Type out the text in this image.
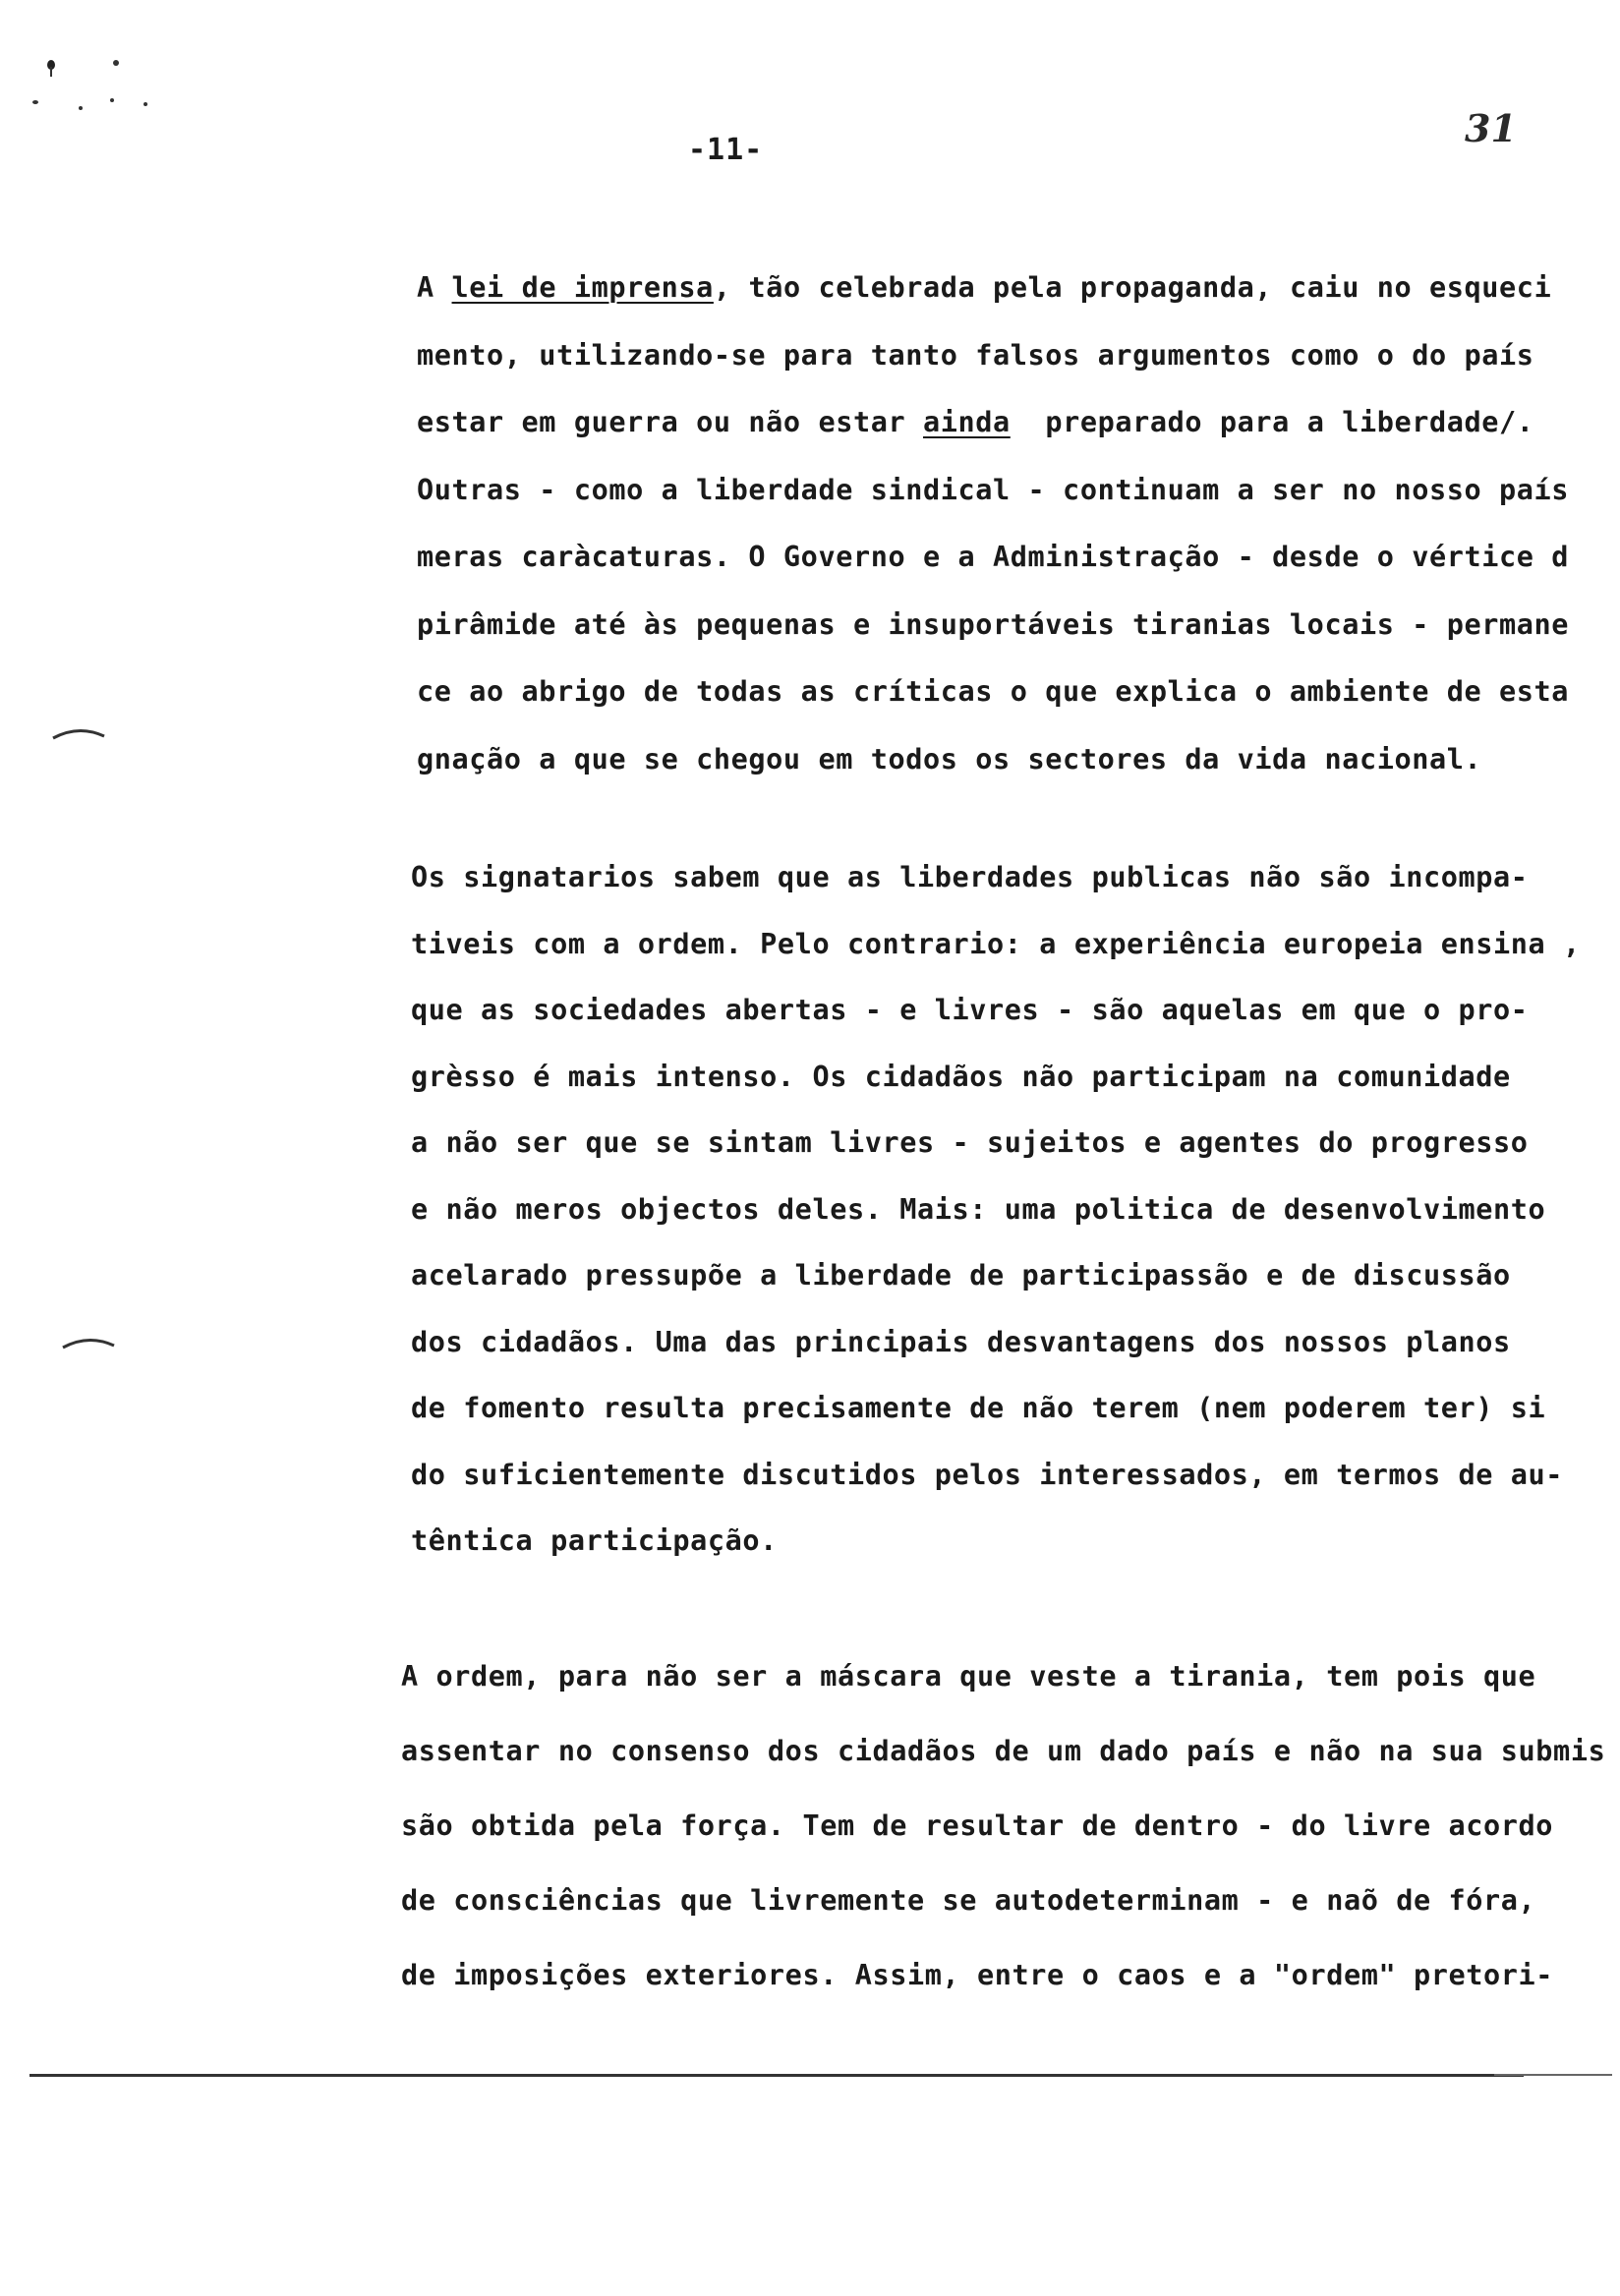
31
-11-
A lei de imprensa, tão celebrada pela propaganda, caiu no esqueci
mento, utilizando-se para tanto falsos argumentos como o do país
estar em guerra ou não estar ainda  preparado para a liberdade/.
Outras - como a liberdade sindical - continuam a ser no nosso país
meras caràcaturas. O Governo e a Administração - desde o vértice d
pirâmide até às pequenas e insuportáveis tiranias locais - permane
ce ao abrigo de todas as críticas o que explica o ambiente de esta
gnação a que se chegou em todos os sectores da vida nacional.
Os signatarios sabem que as liberdades publicas não são incompa-
tiveis com a ordem. Pelo contrario: a experiência europeia ensina ,
que as sociedades abertas - e livres - são aquelas em que o pro-
grèsso é mais intenso. Os cidadãos não participam na comunidade
a não ser que se sintam livres - sujeitos e agentes do progresso
e não meros objectos deles. Mais: uma politica de desenvolvimento
acelarado pressupõe a liberdade de participassão e de discussão
dos cidadãos. Uma das principais desvantagens dos nossos planos
de fomento resulta precisamente de não terem (nem poderem ter) si
do suficientemente discutidos pelos interessados, em termos de au-
têntica participação.
A ordem, para não ser a máscara que veste a tirania, tem pois que
assentar no consenso dos cidadãos de um dado país e não na sua submis
são obtida pela força. Tem de resultar de dentro - do livre acordo
de consciências que livremente se autodeterminam - e naõ de fóra,
de imposições exteriores. Assim, entre o caos e a "ordem" pretori-
